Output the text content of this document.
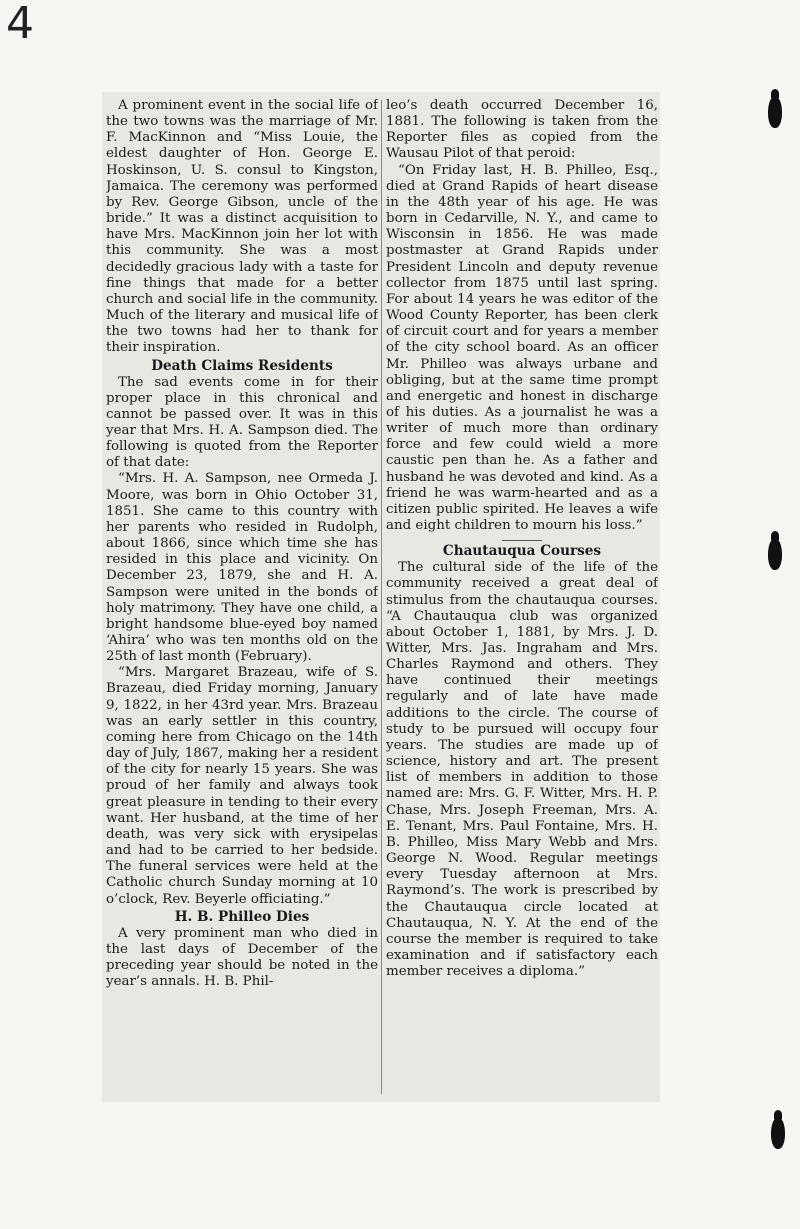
4

A prominent event in the social life of the two towns was the marriage of Mr. F. MacKinnon and “Miss Louie, the eldest daughter of Hon. George E. Hoskinson, U. S. consul to Kingston, Jamaica. The ceremony was performed by Rev. George Gibson, uncle of the bride.” It was a distinct acquisition to have Mrs. MacKinnon join her lot with this community. She was a most decidedly gracious lady with a taste for fine things that made for a better church and social life in the community. Much of the literary and musical life of the two towns had her to thank for their inspiration.

Death Claims Residents

The sad events come in for their proper place in this chronical and cannot be passed over. It was in this year that Mrs. H. A. Sampson died. The following is quoted from the Reporter of that date:

“Mrs. H. A. Sampson, nee Ormeda J. Moore, was born in Ohio October 31, 1851. She came to this country with her parents who resided in Rudolph, about 1866, since which time she has resided in this place and vicinity. On December 23, 1879, she and H. A. Sampson were united in the bonds of holy matrimony. They have one child, a bright handsome blue-eyed boy named ‘Ahira’ who was ten months old on the 25th of last month (February).

“Mrs. Margaret Brazeau, wife of S. Brazeau, died Friday morning, January 9, 1822, in her 43rd year. Mrs. Brazeau was an early settler in this country, coming here from Chicago on the 14th day of July, 1867, making her a resident of the city for nearly 15 years. She was proud of her family and always took great pleasure in tending to their every want. Her husband, at the time of her death, was very sick with erysipelas and had to be carried to her bedside. The funeral services were held at the Catholic church Sunday morning at 10 o’clock, Rev. Beyerle officiating.”

H. B. Philleo Dies

A very prominent man who died in the last days of December of the preceding year should be noted in the year’s annals. H. B. Phil-

leo’s death occurred December 16, 1881. The following is taken from the Reporter files as copied from the Wausau Pilot of that peroid:

“On Friday last, H. B. Philleo, Esq., died at Grand Rapids of heart disease in the 48th year of his age. He was born in Cedarville, N. Y., and came to Wisconsin in 1856. He was made postmaster at Grand Rapids under President Lincoln and deputy revenue collector from 1875 until last spring. For about 14 years he was editor of the Wood County Reporter, has been clerk of circuit court and for years a member of the city school board. As an officer Mr. Philleo was always urbane and obliging, but at the same time prompt and energetic and honest in discharge of his duties. As a journalist he was a writer of much more than ordinary force and few could wield a more caustic pen than he. As a father and husband he was devoted and kind. As a friend he was warm-hearted and as a citizen public spirited. He leaves a wife and eight children to mourn his loss.”

Chautauqua Courses

The cultural side of the life of the community received a great deal of stimulus from the chautauqua courses. “A Chautauqua club was organized about October 1, 1881, by Mrs. J. D. Witter, Mrs. Jas. Ingraham and Mrs. Charles Raymond and others. They have continued their meetings regularly and of late have made additions to the circle. The course of study to be pursued will occupy four years. The studies are made up of science, history and art. The present list of members in addition to those named are: Mrs. G. F. Witter, Mrs. H. P. Chase, Mrs. Joseph Freeman, Mrs. A. E. Tenant, Mrs. Paul Fontaine, Mrs. H. B. Philleo, Miss Mary Webb and Mrs. George N. Wood. Regular meetings every Tuesday afternoon at Mrs. Raymond’s. The work is prescribed by the Chautauqua circle located at Chautauqua, N. Y. At the end of the course the member is required to take examination and if satisfactory each member receives a diploma.”
